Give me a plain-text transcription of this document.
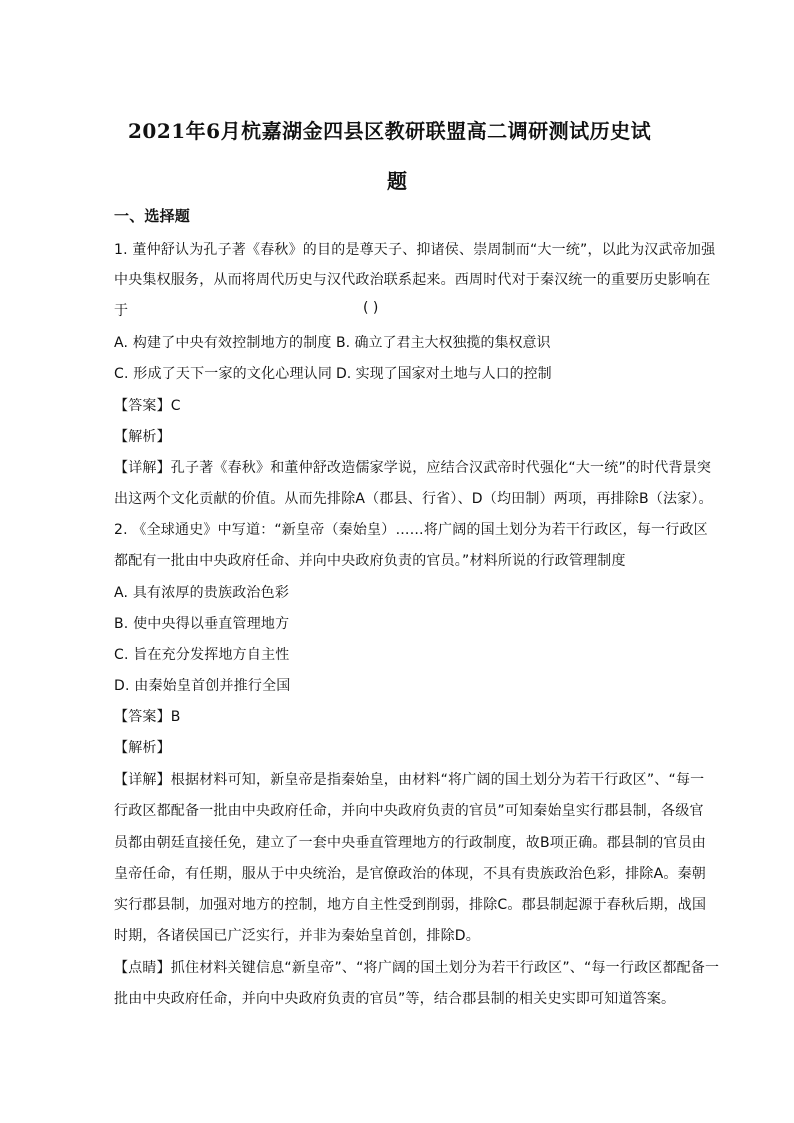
2021年6月杭嘉湖金四县区教研联盟高二调研测试历史试
题
一、选择题
1. 董仲舒认为孔子著《春秋》的目的是尊天子、抑诸侯、崇周制而“大一统”，以此为汉武帝加强
中央集权服务，从而将周代历史与汉代政治联系起来。西周时代对于秦汉统一的重要历史影响在
于	( )
A. 构建了中央有效控制地方的制度 B. 确立了君主大权独揽的集权意识
C. 形成了天下一家的文化心理认同 D. 实现了国家对土地与人口的控制
【答案】C
【解析】
【详解】孔子著《春秋》和董仲舒改造儒家学说，应结合汉武帝时代强化“大一统”的时代背景突
出这两个文化贡献的价值。从而先排除A（郡县、行省）、D（均田制）两项，再排除B（法家）。
2. 《全球通史》中写道：“新皇帝（秦始皇）……将广阔的国土划分为若干行政区，每一行政区
都配有一批由中央政府任命、并向中央政府负责的官员。”材料所说的行政管理制度
A. 具有浓厚的贵族政治色彩
B. 使中央得以垂直管理地方
C. 旨在充分发挥地方自主性
D. 由秦始皇首创并推行全国
【答案】B
【解析】
【详解】根据材料可知，新皇帝是指秦始皇，由材料“将广阔的国土划分为若干行政区”、“每一
行政区都配备一批由中央政府任命，并向中央政府负责的官员”可知秦始皇实行郡县制，各级官
员都由朝廷直接任免，建立了一套中央垂直管理地方的行政制度，故B项正确。郡县制的官员由
皇帝任命，有任期，服从于中央统治，是官僚政治的体现，不具有贵族政治色彩，排除A。秦朝
实行郡县制，加强对地方的控制，地方自主性受到削弱，排除C。郡县制起源于春秋后期，战国
时期，各诸侯国已广泛实行，并非为秦始皇首创，排除D。
【点睛】抓住材料关键信息“新皇帝”、“将广阔的国土划分为若干行政区”、“每一行政区都配备一
批由中央政府任命，并向中央政府负责的官员”等，结合郡县制的相关史实即可知道答案。
